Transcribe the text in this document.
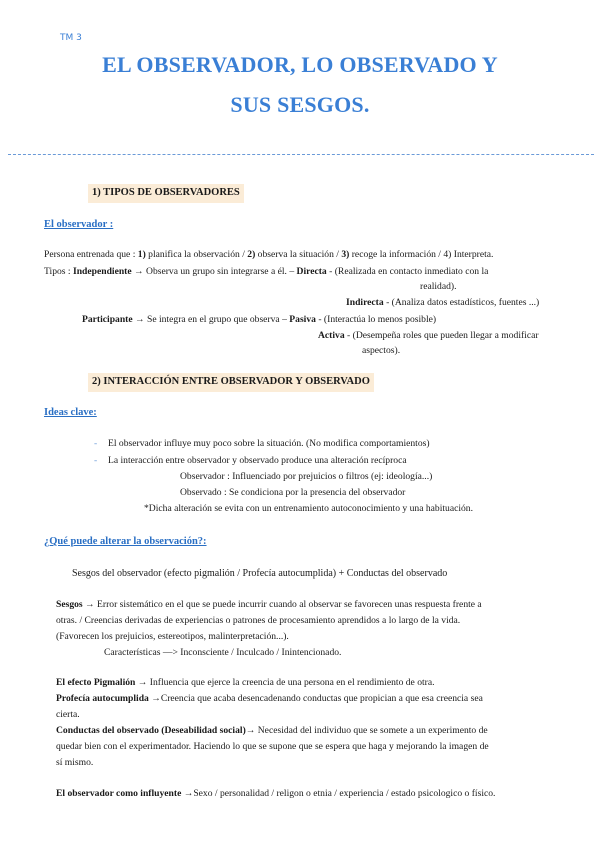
TM 3
EL OBSERVADOR, LO OBSERVADO Y
SUS SESGOS.
1) TIPOS DE OBSERVADORES
El observador :
Persona entrenada que : 1) planifica la observación / 2) observa la situación / 3) recoge la información / 4) Interpreta.
Tipos : Independiente → Observa un grupo sin integrarse a él. – Directa - (Realizada en contacto inmediato con la
realidad).
Indirecta - (Analiza datos estadísticos, fuentes ...)
Participante → Se integra en el grupo que observa – Pasiva - (Interactúa lo menos posible)
Activa - (Desempeña roles que pueden llegar a modificar
aspectos).
2) INTERACCIÓN ENTRE OBSERVADOR Y OBSERVADO
Ideas clave:
- El observador influye muy poco sobre la situación. (No modifica comportamientos)
- La interacción entre observador y observado produce una alteración recíproca
Observador : Influenciado por prejuicios o filtros (ej: ideología...)
Observado : Se condiciona por la presencia del observador
*Dicha alteración se evita con un entrenamiento autoconocimiento y una habituación.
¿Qué puede alterar la observación?:
Sesgos del observador (efecto pigmalión / Profecía autocumplida) + Conductas del observado
Sesgos → Error sistemático en el que se puede incurrir cuando al observar se favorecen unas respuesta frente a
otras. / Creencias derivadas de experiencias o patrones de procesamiento aprendidos a lo largo de la vida.
(Favorecen los prejuicios, estereotipos, malinterpretación...).
Características —> Inconsciente / Inculcado / Inintencionado.
El efecto Pigmalión → Influencia que ejerce la creencia de una persona en el rendimiento de otra.
Profecía autocumplida →Creencia que acaba desencadenando conductas que propician a que esa creencia sea
cierta.
Conductas del observado (Deseabilidad social)→ Necesidad del individuo que se somete a un experimento de
quedar bien con el experimentador. Haciendo lo que se supone que se espera que haga y mejorando la imagen de
sí mismo.
El observador como influyente →Sexo / personalidad / religon o etnia / experiencia / estado psicologico o físico.
